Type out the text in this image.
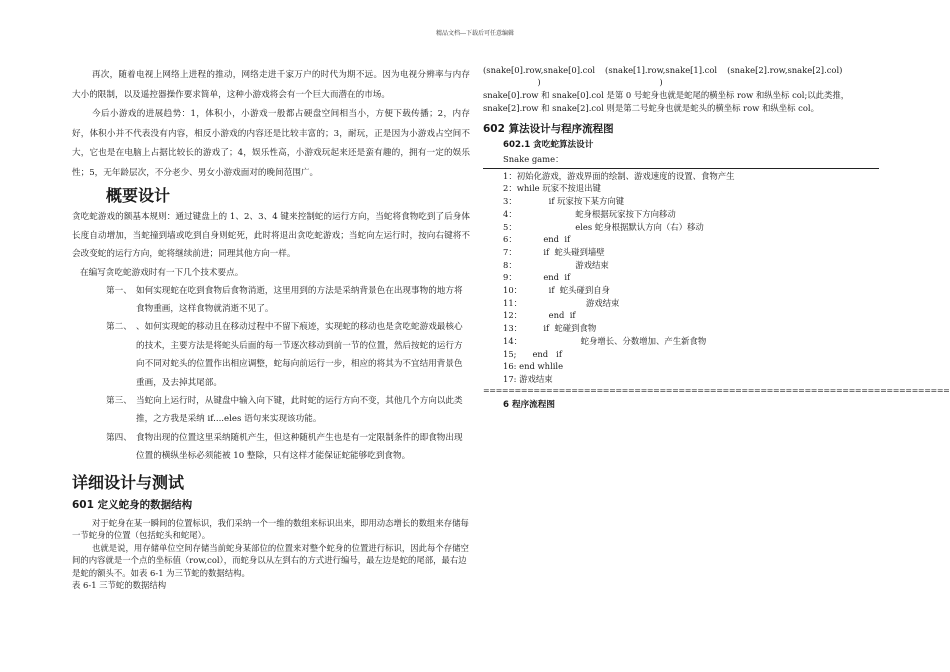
精品文档---下载后可任意编辑
再次，随着电视上网络上进程的推动，网络走进千家万户的时代为期不远。因为电视分辨率与内存大小的限制，以及遥控器操作要求简单，这种小游戏将会有一个巨大而潜在的市场。
今后小游戏的进展趋势：1，体积小，小游戏一般都占硬盘空间相当小，方便下载传播；2，内存好，体积小并不代表没有内容，相反小游戏的内容还是比较丰富的；3，耐玩，正是因为小游戏占空间不大，它也是在电脑上占据比较长的游戏了；4，娱乐性高，小游戏玩起来还是蛮有趣的，拥有一定的娱乐性；5，无年龄层次，不分老少、男女小游戏面对的晚间范围广。
概要设计
贪吃蛇游戏的额基本规则：通过键盘上的 1、2、3、4 键来控制蛇的运行方向，当蛇将食物吃到了后身体长度自动增加，当蛇撞到墙或吃到自身则蛇死，此时将退出贪吃蛇游戏；当蛇向左运行时，按向右键将不会改变蛇的运行方向，蛇将继续前进；同理其他方向一样。
在编写贪吃蛇游戏时有一下几个技术要点。
第一、 如何实现蛇在吃到食物后食物消逝，这里用到的方法是采纳背景色在出现事物的地方将食物重画，这样食物就消逝不见了。
第二、 、如何实现蛇的移动且在移动过程中不留下痕迹，实现蛇的移动也是贪吃蛇游戏最核心的技术，主要方法是将蛇头后面的每一节逐次移动到前一节的位置，然后按蛇的运行方向不同对蛇头的位置作出相应调整，蛇每向前运行一步，相应的将其为不宜结用背景色重画，及去掉其尾部。
第三、 当蛇向上运行时，从键盘中输入向下键，此时蛇的运行方向不变，其他几个方向以此类推，之方我是采纳 if....eles 语句来实现该功能。
第四、 食物出现的位置这里采纳随机产生，但这种随机产生也是有一定限制条件的即食物出现位置的横纵坐标必须能被 10 整除，只有这样才能保证蛇能够吃到食物。
详细设计与测试
601 定义蛇身的数据结构
对于蛇身在某一瞬间的位置标识，我们采纳一个一维的数组来标识出来，即用动态增长的数组来存储每一节蛇身的位置（包括蛇头和蛇尾）。
也就是说，用存储单位空间存储当前蛇身某部位的位置来对整个蛇身的位置进行标识，因此每个存储空间的内容就是一个点的坐标值（row,col），而蛇身以从左到右的方式进行编号，最左边是蛇的尾部，最右边是蛇的额头不。如表 6-1 为三节蛇的数据结构。
表 6-1 三节蛇的数据结构
(snake[0].row,snake[0].col
)
(snake[1].row,snake[1].col
)
(snake[2].row,snake[2].col)
snake[0].row 和 snake[0].col 是第 0 号蛇身也就是蛇尾的横坐标 row 和纵坐标 col;以此类推，snake[2].row 和 snake[2].col 则是第二号蛇身也就是蛇头的横坐标 row 和纵坐标 col。
602 算法设计与程序流程图
602.1 贪吃蛇算法设计
Snake game：
1：初始化游戏，游戏界面的绘制、游戏速度的设置、食物产生
2：while 玩家不按退出键
3：            if 玩家按下某方向键
4：                      蛇身根据玩家按下方向移动
5：                      eles 蛇身根据默认方向（右）移动
6：          end  if
7：          if  蛇头碰到墙壁
8：                      游戏结束
9：          end  if
10：          if  蛇头碰到自身
11：                        游戏结束
12：          end  if
13：        if  蛇碰到食物
14：                      蛇身增长、分数增加、产生新食物
15;      end   if
16: end whlile
17: 游戏结束
==========================================================================
6 程序流程图
